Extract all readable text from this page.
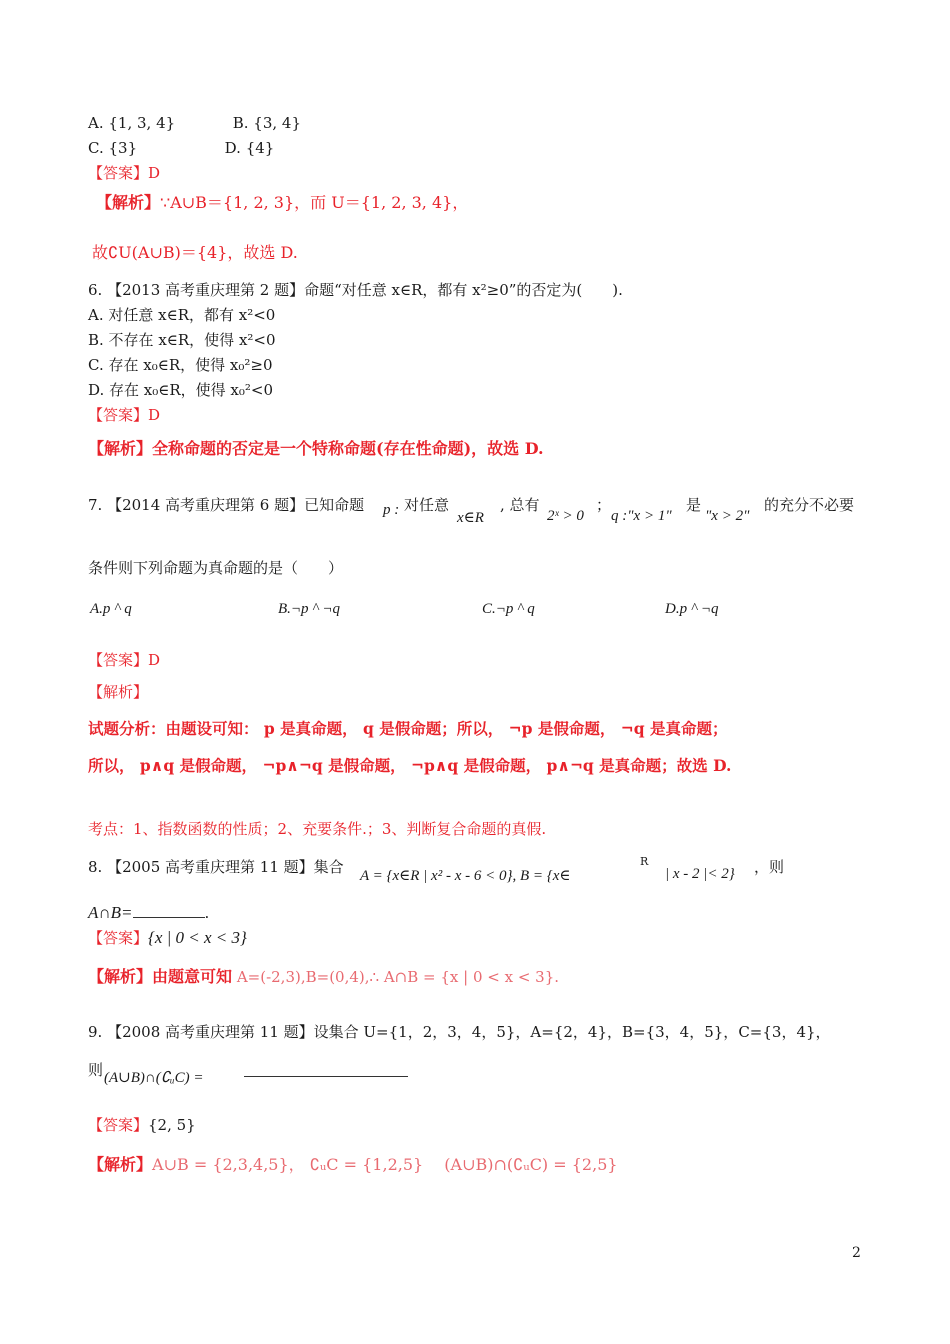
A. {1, 3, 4}	B. {3, 4}
C. {3}	D. {4}
【答案】D
【解析】∵A∪B＝{1, 2, 3}，而 U＝{1, 2, 3, 4}，
故∁U(A∪B)＝{4}，故选 D.
6. 【2013 高考重庆理第 2 题】命题“对任意 x∈R，都有 x²≥0”的否定为(　　).
A. 对任意 x∈R，都有 x²<0
B. 不存在 x∈R，使得 x²<0
C. 存在 x₀∈R，使得 x₀²≥0
D. 存在 x₀∈R，使得 x₀²<0
【答案】D
【解析】全称命题的否定是一个特称命题(存在性命题)，故选 D.
7. 【2014 高考重庆理第 6 题】已知命题 p : 对任意
x∈R
, 总有
2ˣ > 0
；
q :"x > 1"
是
"x > 2"
的充分不必要
条件则下列命题为真命题的是（　　）
A.p ^ q	B.¬p ^ ¬q	C.¬p ^ q	D.p ^ ¬q
【答案】D
【解析】
试题分析：由题设可知： p 是真命题， q 是假命题；所以， ¬p 是假命题， ¬q 是真命题；
所以， p∧q 是假命题， ¬p∧¬q 是假命题， ¬p∧q 是假命题， p∧¬q 是真命题；故选 D.
考点：1、指数函数的性质；2、充要条件.；3、判断复合命题的真假.
8. 【2005 高考重庆理第 11 题】集合 A = {x∈R | x² - x - 6 < 0}, B = {x∈
R
| x - 2 |< 2} ，则
A∩B=	.
【答案】{x | 0 < x < 3}
【解析】由题意可知 A=(-2,3),B=(0,4),∴ A∩B = {x | 0 < x < 3}.
9. 【2008 高考重庆理第 11 题】设集合 U={1，2，3，4，5}，A={2，4}，B={3，4，5}，C={3，4}，
则 (A∪B)∩(∁ᵤC) =
【答案】{2, 5}
【解析】A∪B = {2,3,4,5}， ∁ᵤC = {1,2,5}　 (A∪B)∩(∁ᵤC) = {2,5}
2
